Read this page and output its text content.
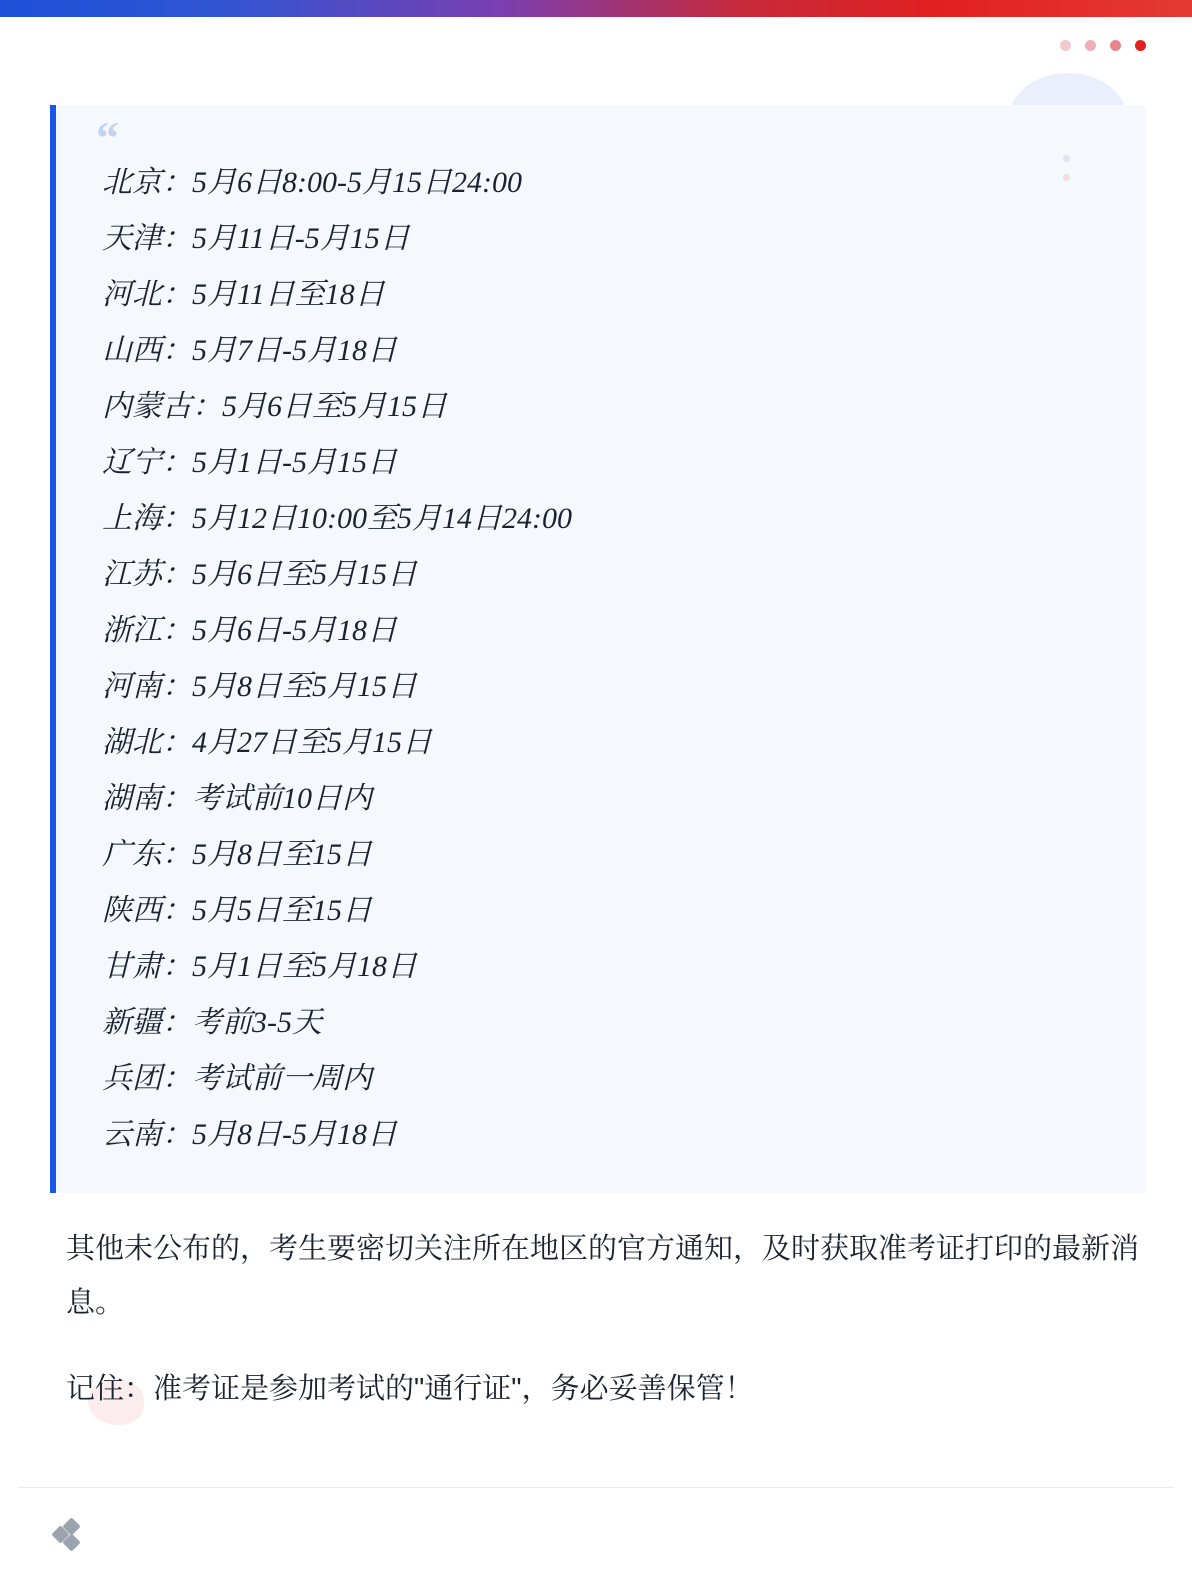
“
北京：5月6日8:00-5月15日24:00
天津：5月11日-5月15日
河北：5月11日至18日
山西：5月7日-5月18日
内蒙古：5月6日至5月15日
辽宁：5月1日-5月15日
上海：5月12日10:00至5月14日24:00
江苏：5月6日至5月15日
浙江：5月6日-5月18日
河南：5月8日至5月15日
湖北：4月27日至5月15日
湖南：考试前10日内
广东：5月8日至15日
陕西：5月5日至15日
甘肃：5月1日至5月18日
新疆：考前3-5天
兵团：考试前一周内
云南：5月8日-5月18日

其他未公布的，考生要密切关注所在地区的官方通知，及时获取准考证打印的最新消息。

记住：准考证是参加考试的"通行证"，务必妥善保管！
